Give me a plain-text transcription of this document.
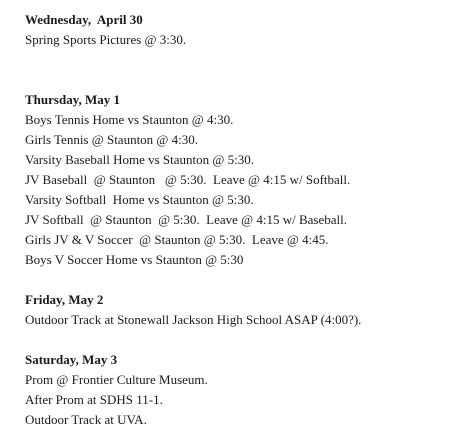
Wednesday,  April 30
Spring Sports Pictures @ 3:30.
Thursday, May 1
Boys Tennis Home vs Staunton @ 4:30.
Girls Tennis @ Staunton @ 4:30.
Varsity Baseball Home vs Staunton @ 5:30.
JV Baseball  @ Staunton   @ 5:30.  Leave @ 4:15 w/ Softball.
Varsity Softball  Home vs Staunton @ 5:30.
JV Softball  @ Staunton  @ 5:30.  Leave @ 4:15 w/ Baseball.
Girls JV & V Soccer  @ Staunton @ 5:30.  Leave @ 4:45.
Boys V Soccer Home vs Staunton @ 5:30
Friday, May 2
Outdoor Track at Stonewall Jackson High School ASAP (4:00?).
Saturday, May 3
Prom @ Frontier Culture Museum.
After Prom at SDHS 11-1.
Outdoor Track at UVA.
